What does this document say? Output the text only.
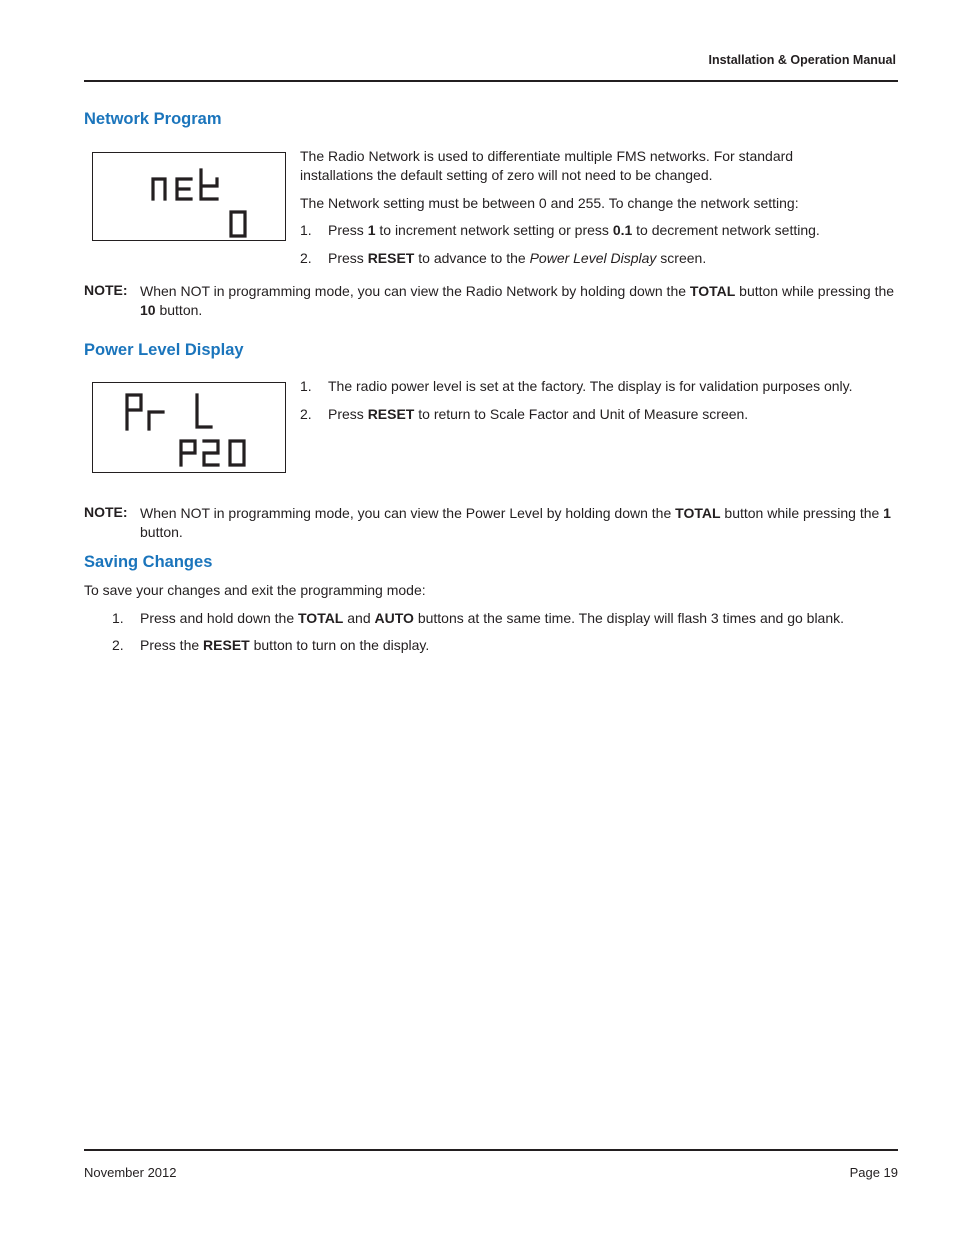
Installation & Operation Manual
Network Program
The Radio Network is used to differentiate multiple FMS networks. For standard installations the default setting of zero will not need to be changed.
The Network setting must be between 0 and 255. To change the network setting:
1. Press 1 to increment network setting or press 0.1 to decrement network setting.
2. Press RESET to advance to the Power Level Display screen.
NOTE: When NOT in programming mode, you can view the Radio Network by holding down the TOTAL button while pressing the 10 button.
Power Level Display
1. The radio power level is set at the factory. The display is for validation purposes only.
2. Press RESET to return to Scale Factor and Unit of Measure screen.
NOTE: When NOT in programming mode, you can view the Power Level by holding down the TOTAL button while pressing the 1 button.
Saving Changes
To save your changes and exit the programming mode:
1. Press and hold down the TOTAL and AUTO buttons at the same time. The display will flash 3 times and go blank.
2. Press the RESET button to turn on the display.
November 2012	Page 19
